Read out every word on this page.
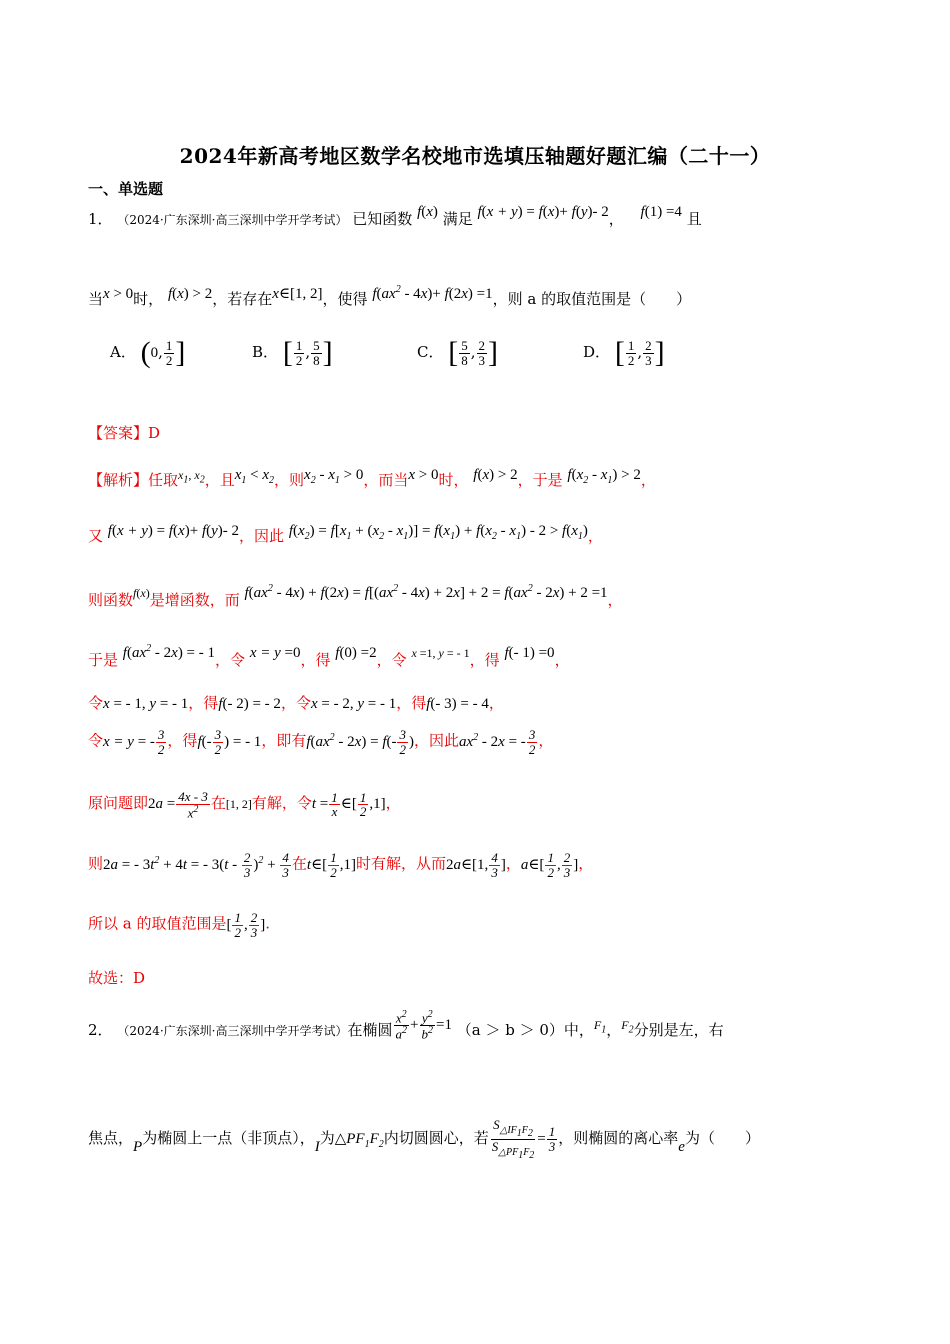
2024年新高考地区数学名校地市选填压轴题好题汇编（二十一）
一、单选题
1． （2024·广东深圳·高三深圳中学开学考试） 已知函数 f(x) 满足 f(x + y) = f(x)+ f(y)- 2， f(1) =4 且
当x > 0时， f(x) > 2，若存在x∈[1, 2]，使得 $f(ax^2 - 4x)+ f(2x) =1$，则 a 的取值范围是（　　）
A． (0, $\frac{1}{2}$ ]	B． [ $\frac{1}{2}$ , $\frac{5}{8}$ ]	C． [ $\frac{5}{8}$ , $\frac{2}{3}$ ]	D． [ $\frac{1}{2}$ , $\frac{2}{3}$ ]
【答案】D
【解析】任取$^{x_1, x_2}$，且$x_1 < x_2$，则$x_2 - x_1 > 0$，而当x > 0时， f(x) > 2，于是 $f(x_2 - x_1) > 2$，
又 f(x + y) = f(x)+ f(y)- 2，因此 $f(x_2) = f[x_1 + (x_2 - x_1)] = f(x_1) + f(x_2 - x_1) - 2 > f(x_1)$，
则函数$^{f(x)}$是增函数，而 $f(ax^2 - 4x) + f(2x) = f[(ax^2 - 4x) + 2x] + 2 = f(ax^2 - 2x) + 2 =1$，
于是 $f(ax^2 - 2x)$ = - 1，令 x = y =0，得 f(0) =2，令 $^{x =1, y = - 1}$，得 f(- 1) =0，
令x = - 1, y = - 1，得f(- 2) = - 2，令x = - 2, y = - 1，得f(- 3) = - 4，
令x = y = - $\frac{3}{2}$ ，得$f(- \frac{3}{2}$ ) = - 1，即有$f(ax^2 - 2x) = f(- \frac{3}{2}$ )，因此$ax^2 - 2x$ = - $\frac{3}{2}$ ，
原问题即$2a = \frac{4x - 3}{x^2}$ 在[1, 2]有解，令$t = \frac{1}{x}$ ∈[ $\frac{1}{2} ,1$]，
则2a = - $3t^2 + 4t$ = - $3(t - \frac{2}{3} )^2 + \frac{4}{3}$ 在t∈[ $\frac{1}{2} ,1$]时有解，从而2a∈[1, $\frac{4}{3}$ ]，a∈[ $\frac{1}{2}$ , $\frac{2}{3}$ ]，
所以 a 的取值范围是[ $\frac{1}{2}$ , $\frac{2}{3}$ ].
故选：D
2． （2024·广东深圳·高三深圳中学开学考试）在椭圆 $\frac{x^2}{a^2} + \frac{y^2}{b^2} =1$ （a ＞ b ＞ 0）中，$^{F_1}$，$^{F_2}$分别是左，右
焦点，P为椭圆上一点（非顶点），I为$\triangle PF_1F_2$内切圆圆心，若 $\frac{S_{\triangle IF_1F_2}}{S_{\triangle PF_1F_2}} = \frac{1}{3}$ ，则椭圆的离心率e为（　　）
